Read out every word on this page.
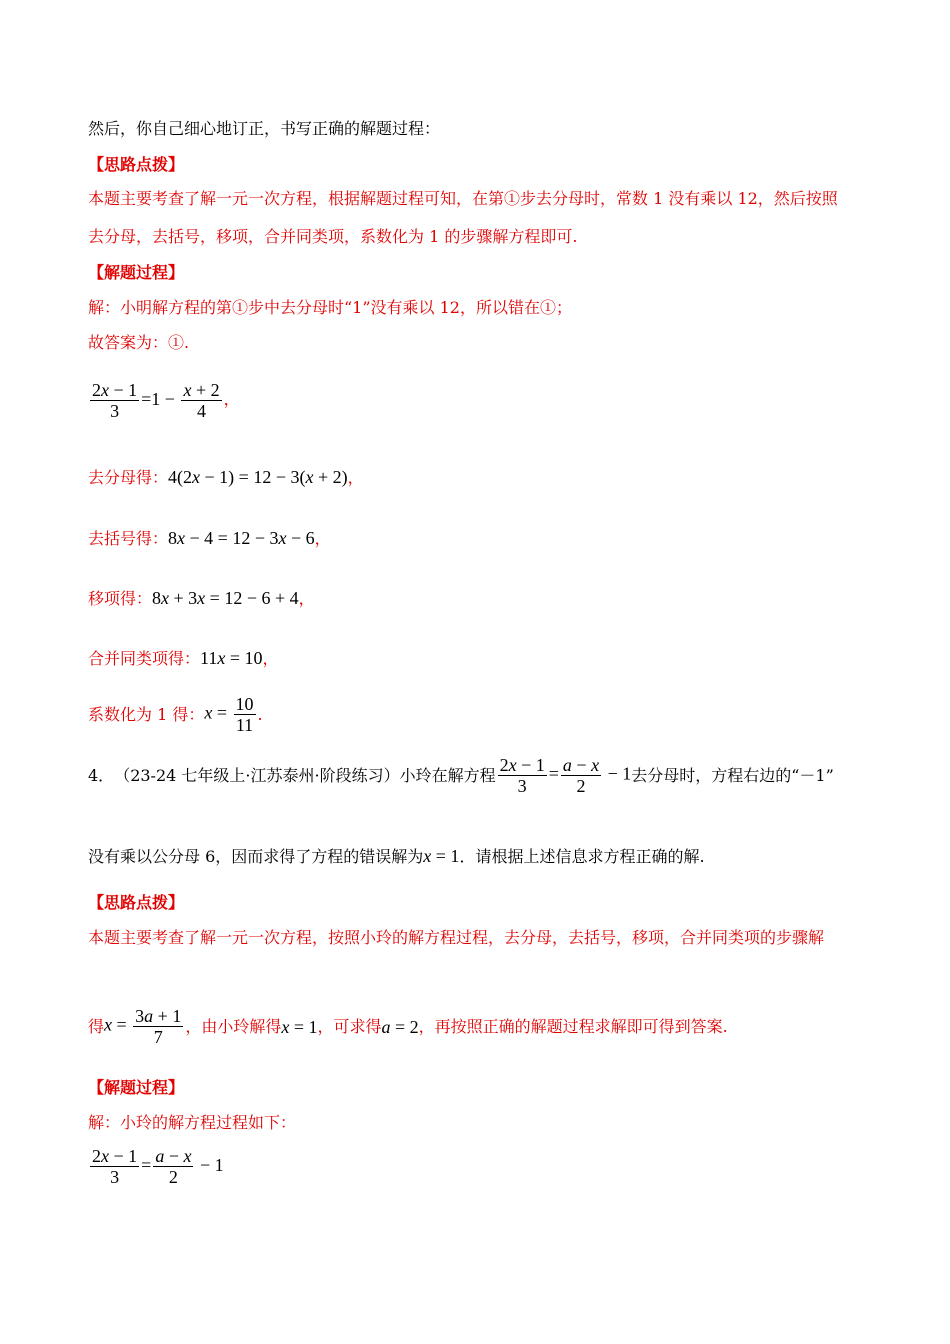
然后，你自己细心地订正，书写正确的解题过程：
【思路点拨】
本题主要考查了解一元一次方程，根据解题过程可知，在第①步去分母时，常数 1 没有乘以 12，然后按照
去分母，去括号，移项，合并同类项，系数化为 1 的步骤解方程即可.
【解题过程】
解：小明解方程的第①步中去分母时“1”没有乘以 12，所以错在①；
故答案为：①.
$\frac{2x - 1}{3} =1 - \frac{x + 2}{4}$ ，
去分母得：4(2x − 1) = 12 − 3(x + 2)，
去括号得：8x − 4 = 12 − 3x − 6，
移项得：8x + 3x = 12 − 6 + 4，
合并同类项得：11x = 10，
系数化为 1 得：$x = \frac{10}{11}$ .
4．（23-24 七年级上·江苏泰州·阶段练习）小玲在解方程 $\frac{2x - 1}{3} = \frac{a - x}{2} - 1$去分母时，方程右边的“－1”
没有乘以公分母 6，因而求得了方程的错误解为x = 1．请根据上述信息求方程正确的解.
【思路点拨】
本题主要考查了解一元一次方程，按照小玲的解方程过程，去分母，去括号，移项，合并同类项的步骤解
得$x = \frac{3a + 1}{7}$ ，由小玲解得x = 1，可求得a = 2，再按照正确的解题过程求解即可得到答案.
【解题过程】
解：小玲的解方程过程如下：
$\frac{2x - 1}{3} = \frac{a - x}{2} - 1$
